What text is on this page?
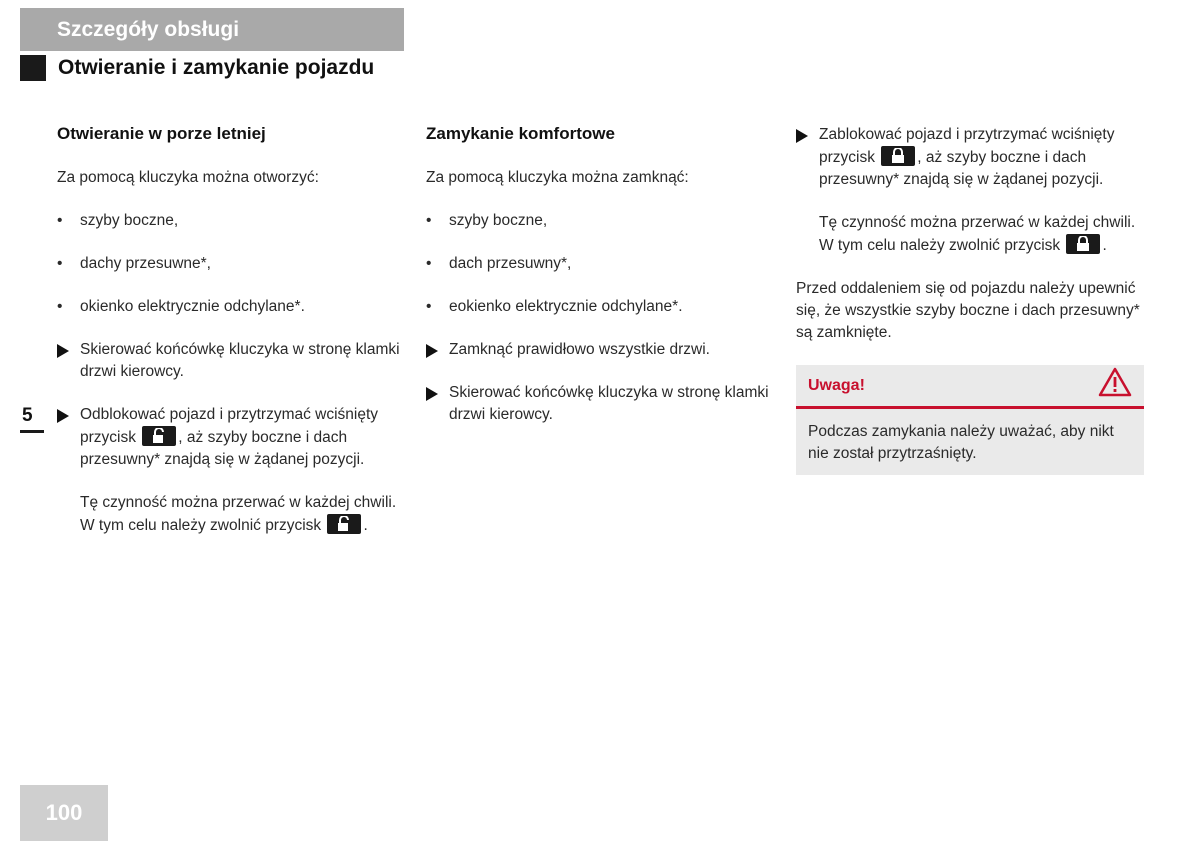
Szczegóły obsługi
Otwieranie i zamykanie pojazdu
5
Otwieranie w porze letniej
Za pomocą kluczyka można otworzyć:
•	szyby boczne,
•	dachy przesuwne*,
•	okienko elektrycznie odchylane*.
Skierować końcówkę kluczyka w stronę klamki drzwi kierowcy.
Odblokować pojazd i przytrzymać wciśnięty przycisk	, aż szyby boczne i dach przesuwny* znajdą się w żądanej pozycji.
Tę czynność można przerwać w każdej chwili. W tym celu należy zwolnić przycisk	.
Zamykanie komfortowe
Za pomocą kluczyka można zamknąć:
•	szyby boczne,
•	dach przesuwny*,
•	eokienko elektrycznie odchylane*.
Zamknąć prawidłowo wszystkie drzwi.
Skierować końcówkę kluczyka w stronę klamki drzwi kierowcy.
Zablokować pojazd i przytrzymać wciśnięty przycisk	, aż szyby boczne i dach przesuwny* znajdą się w żądanej pozycji.
Tę czynność można przerwać w każdej chwili. W tym celu należy zwolnić przycisk	.
Przed oddaleniem się od pojazdu należy upewnić się, że wszystkie szyby boczne i dach przesuwny* są zamknięte.
Uwaga!
Podczas zamykania należy uważać, aby nikt nie został przytrzaśnięty.
100
